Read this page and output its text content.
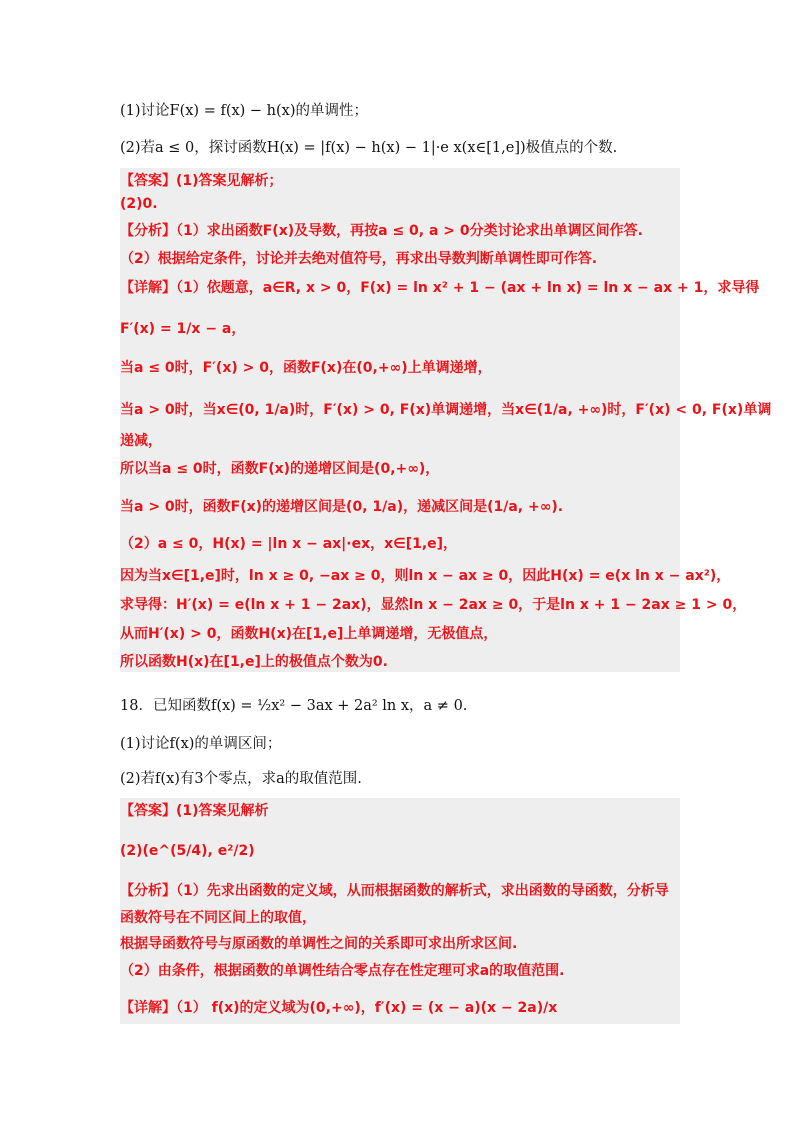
(1)讨论F(x) = f(x) − h(x)的单调性；
(2)若a ≤ 0，探讨函数H(x) = |f(x) − h(x) − 1|·e x(x∈[1,e])极值点的个数.
【答案】(1)答案见解析；
(2)0.
【分析】（1）求出函数F(x)及导数，再按a ≤ 0, a > 0分类讨论求出单调区间作答.
（2）根据给定条件，讨论并去绝对值符号，再求出导数判断单调性即可作答.
【详解】（1）依题意，a∈R, x > 0，F(x) = ln x² + 1 − (ax + ln x) = ln x − ax + 1，求导得
F′(x) = 1/x − a，
当a ≤ 0时，F′(x) > 0，函数F(x)在(0,+∞)上单调递增，
当a > 0时，当x∈(0, 1/a)时，F′(x) > 0, F(x)单调递增，当x∈(1/a, +∞)时，F′(x) < 0, F(x)单调
递减，
所以当a ≤ 0时，函数F(x)的递增区间是(0,+∞)，
当a > 0时，函数F(x)的递增区间是(0, 1/a)，递减区间是(1/a, +∞).
（2）a ≤ 0，H(x) = |ln x − ax|·ex，x∈[1,e]，
因为当x∈[1,e]时，ln x ≥ 0, −ax ≥ 0，则ln x − ax ≥ 0，因此H(x) = e(x ln x − ax²)，
求导得：H′(x) = e(ln x + 1 − 2ax)，显然ln x − 2ax ≥ 0，于是ln x + 1 − 2ax ≥ 1 > 0，
从而H′(x) > 0，函数H(x)在[1,e]上单调递增，无极值点，
所以函数H(x)在[1,e]上的极值点个数为0.
18．已知函数f(x) = ½x² − 3ax + 2a² ln x，a ≠ 0.
(1)讨论f(x)的单调区间；
(2)若f(x)有3个零点，求a的取值范围.
【答案】(1)答案见解析
(2)(e^(5/4), e²/2)
【分析】（1）先求出函数的定义域，从而根据函数的解析式，求出函数的导函数，分析导
函数符号在不同区间上的取值，
根据导函数符号与原函数的单调性之间的关系即可求出所求区间.
（2）由条件，根据函数的单调性结合零点存在性定理可求a的取值范围.
【详解】（1） f(x)的定义域为(0,+∞)，f′(x) = (x − a)(x − 2a)/x
